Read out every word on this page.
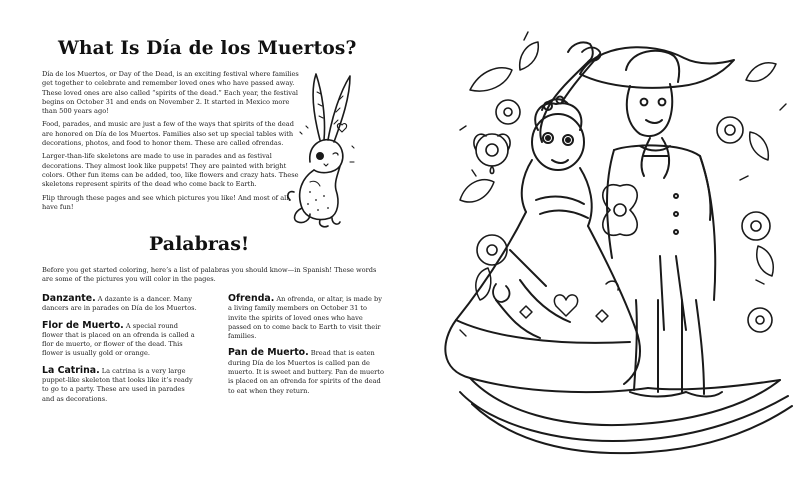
What Is Día de los Muertos?

Día de los Muertos, or Day of the Dead, is an exciting festival where families get together to celebrate and remember loved ones who have passed away. These loved ones are also called “spirits of the dead.” Each year, the festival begins on October 31 and ends on November 2. It started in Mexico more than 500 years ago!

Food, parades, and music are just a few of the ways that spirits of the dead are honored on Día de los Muertos. Families also set up special tables with decorations, photos, and food to honor them. These are called ofrendas.

Larger-than-life skeletons are made to use in parades and as festival decorations. They almost look like puppets! They are painted with bright colors. Other fun items can be added, too, like flowers and crazy hats. These skeletons represent spirits of the dead who come back to Earth.

Flip through these pages and see which pictures you like! And most of all, have fun!

Palabras!
Before you get started coloring, here’s a list of palabras you should know—in Spanish! These words are some of the pictures you will color in the pages.
Danzante. A dazante is a dancer. Many dancers are in parades on Día de los Muertos.
Flor de Muerto. A special round flower that is placed on an ofrenda is called a flor de muerto, or flower of the dead. This flower is usually gold or orange.
La Catrina. La catrina is a very large puppet-like skeleton that looks like it’s ready to go to a party. These are used in parades and as decorations.
Ofrenda. An ofrenda, or altar, is made by a living family members on October 31 to invite the spirits of loved ones who have passed on to come back to Earth to visit their families.
Pan de Muerto. Bread that is eaten during Día de los Muertos is called pan de muerto. It is sweet and buttery. Pan de muerto is placed on an ofrenda for spirits of the dead to eat when they return.
